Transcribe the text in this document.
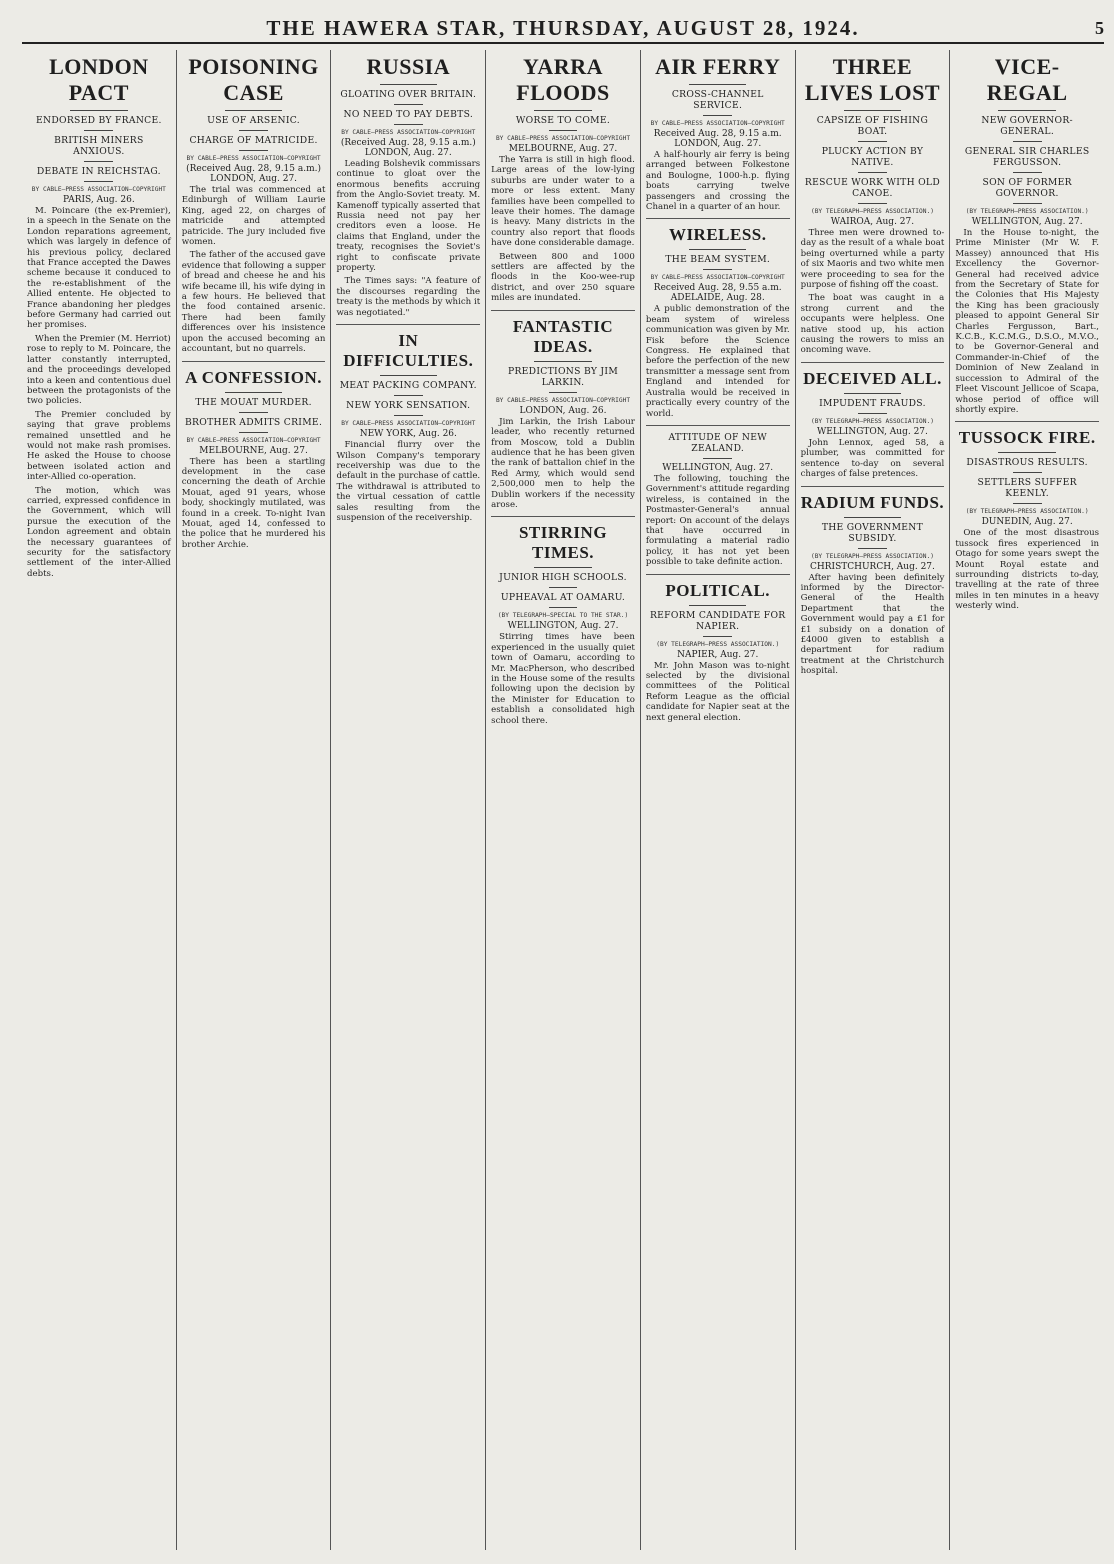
THE HAWERA STAR, THURSDAY, AUGUST 28, 1924.	5
LONDON PACT
ENDORSED BY FRANCE.
BRITISH MINERS ANXIOUS.
DEBATE IN REICHSTAG.
BY CABLE—PRESS ASSOCIATION—COPYRIGHT
PARIS, Aug. 26.

M. Poincare (the ex-Premier), in a speech in the Senate on the London reparations agreement, which was largely in defence of his previous policy, declared that France accepted the Dawes scheme because it conduced to the re-establishment of the Allied entente. He objected to France abandoning her pledges before Germany had carried out her promises.

When the Premier (M. Herriot) rose to reply to M. Poincare, the latter constantly interrupted, and the proceedings developed into a keen and contentious duel between the protagonists of the two policies.

The Premier concluded by saying that grave problems remained unsettled and he would not make rash promises. He asked the House to choose between isolated action and inter-Allied co-operation.

The motion, which was carried, expressed confidence in the Government, which will pursue the execution of the London agreement and obtain the necessary guarantees of security for the satisfactory settlement of the inter-Allied debts.

POISONING CASE
USE OF ARSENIC.
CHARGE OF MATRICIDE.
BY CABLE—PRESS ASSOCIATION—COPYRIGHT
(Received Aug. 28, 9.15 a.m.) LONDON, Aug. 27.

The trial was commenced at Edinburgh of William Laurie King, aged 22, on charges of matricide and attempted patricide. The jury included five women.

The father of the accused gave evidence that following a supper of bread and cheese he and his wife became ill, his wife dying in a few hours. He believed that the food contained arsenic. There had been family differences over his insistence upon the accused becoming an accountant, but no quarrels.

A CONFESSION.
THE MOUAT MURDER.
BROTHER ADMITS CRIME.
BY CABLE—PRESS ASSOCIATION—COPYRIGHT
MELBOURNE, Aug. 27.

There has been a startling development in the case concerning the death of Archie Mouat, aged 91 years, whose body, shockingly mutilated, was found in a creek. To-night Ivan Mouat, aged 14, confessed to the police that he murdered his brother Archie.

RUSSIA
GLOATING OVER BRITAIN.
NO NEED TO PAY DEBTS.
BY CABLE—PRESS ASSOCIATION—COPYRIGHT
(Received Aug. 28, 9.15 a.m.) LONDON, Aug. 27.

Leading Bolshevik commissars continue to gloat over the enormous benefits accruing from the Anglo-Soviet treaty. M. Kamenoff typically asserted that Russia need not pay her creditors even a loose. He claims that England, under the treaty, recognises the Soviet's right to confiscate private property.

The Times says: "A feature of the discourses regarding the treaty is the methods by which it was negotiated."

IN DIFFICULTIES.
MEAT PACKING COMPANY.
NEW YORK SENSATION.
BY CABLE—PRESS ASSOCIATION—COPYRIGHT
NEW YORK, Aug. 26.

Financial flurry over the Wilson Company's temporary receivership was due to the default in the purchase of cattle. The withdrawal is attributed to the virtual cessation of cattle sales resulting from the suspension of the receivership.

YARRA FLOODS
WORSE TO COME.
BY CABLE—PRESS ASSOCIATION—COPYRIGHT
MELBOURNE, Aug. 27.

The Yarra is still in high flood. Large areas of the low-lying suburbs are under water to a more or less extent. Many families have been compelled to leave their homes. The damage is heavy. Many districts in the country also report that floods have done considerable damage.

Between 800 and 1000 settlers are affected by the floods in the Koo-wee-rup district, and over 250 square miles are inundated.

FANTASTIC IDEAS.
PREDICTIONS BY JIM LARKIN.
BY CABLE—PRESS ASSOCIATION—COPYRIGHT
LONDON, Aug. 26.

Jim Larkin, the Irish Labour leader, who recently returned from Moscow, told a Dublin audience that he has been given the rank of battalion chief in the Red Army, which would send 2,500,000 men to help the Dublin workers if the necessity arose.

STIRRING TIMES.
JUNIOR HIGH SCHOOLS.
UPHEAVAL AT OAMARU.
(BY TELEGRAPH—SPECIAL TO THE STAR.)
WELLINGTON, Aug. 27.

Stirring times have been experienced in the usually quiet town of Oamaru, according to Mr. MacPherson, who described in the House some of the results following upon the decision by the Minister for Education to establish a consolidated high school there.

AIR FERRY
CROSS-CHANNEL SERVICE.
BY CABLE—PRESS ASSOCIATION—COPYRIGHT
Received Aug. 28, 9.15 a.m. LONDON, Aug. 27.

A half-hourly air ferry is being arranged between Folkestone and Boulogne, 1000-h.p. flying boats carrying twelve passengers and crossing the Chanel in a quarter of an hour.

WIRELESS.
THE BEAM SYSTEM.
BY CABLE—PRESS ASSOCIATION—COPYRIGHT
Received Aug. 28, 9.55 a.m. ADELAIDE, Aug. 28.

A public demonstration of the beam system of wireless communication was given by Mr. Fisk before the Science Congress. He explained that before the perfection of the new transmitter a message sent from England and intended for Australia would be received in practically every country of the world.

ATTITUDE OF NEW ZEALAND.
WELLINGTON, Aug. 27.

The following, touching the Government's attitude regarding wireless, is contained in the Postmaster-General's annual report: On account of the delays that have occurred in formulating a material radio policy, it has not yet been possible to take definite action.

POLITICAL.
REFORM CANDIDATE FOR NAPIER.
(BY TELEGRAPH—PRESS ASSOCIATION.)
NAPIER, Aug. 27.

Mr. John Mason was to-night selected by the divisional committees of the Political Reform League as the official candidate for Napier seat at the next general election.

THREE LIVES LOST
CAPSIZE OF FISHING BOAT.
PLUCKY ACTION BY NATIVE.
RESCUE WORK WITH OLD CANOE.
(BY TELEGRAPH—PRESS ASSOCIATION.)
WAIROA, Aug. 27.

Three men were drowned to-day as the result of a whale boat being overturned while a party of six Maoris and two white men were proceeding to sea for the purpose of fishing off the coast.

The boat was caught in a strong current and the occupants were helpless. One native stood up, his action causing the rowers to miss an oncoming wave.

DECEIVED ALL.
IMPUDENT FRAUDS.
(BY TELEGRAPH—PRESS ASSOCIATION.)
WELLINGTON, Aug. 27.

John Lennox, aged 58, a plumber, was committed for sentence to-day on several charges of false pretences.

RADIUM FUNDS.
THE GOVERNMENT SUBSIDY.
(BY TELEGRAPH—PRESS ASSOCIATION.)
CHRISTCHURCH, Aug. 27.

After having been definitely informed by the Director-General of the Health Department that the Government would pay a £1 for £1 subsidy on a donation of £4000 given to establish a department for radium treatment at the Christchurch hospital.

VICE-REGAL
NEW GOVERNOR-GENERAL.
GENERAL SIR CHARLES FERGUSSON.
SON OF FORMER GOVERNOR.
(BY TELEGRAPH—PRESS ASSOCIATION.)
WELLINGTON, Aug. 27.

In the House to-night, the Prime Minister (Mr W. F. Massey) announced that His Excellency the Governor-General had received advice from the Secretary of State for the Colonies that His Majesty the King has been graciously pleased to appoint General Sir Charles Fergusson, Bart., K.C.B., K.C.M.G., D.S.O., M.V.O., to be Governor-General and Commander-in-Chief of the Dominion of New Zealand in succession to Admiral of the Fleet Viscount Jellicoe of Scapa, whose period of office will shortly expire.

TUSSOCK FIRE.
DISASTROUS RESULTS.
SETTLERS SUFFER KEENLY.
(BY TELEGRAPH—PRESS ASSOCIATION.)
DUNEDIN, Aug. 27.

One of the most disastrous tussock fires experienced in Otago for some years swept the Mount Royal estate and surrounding districts to-day, travelling at the rate of three miles in ten minutes in a heavy westerly wind.
